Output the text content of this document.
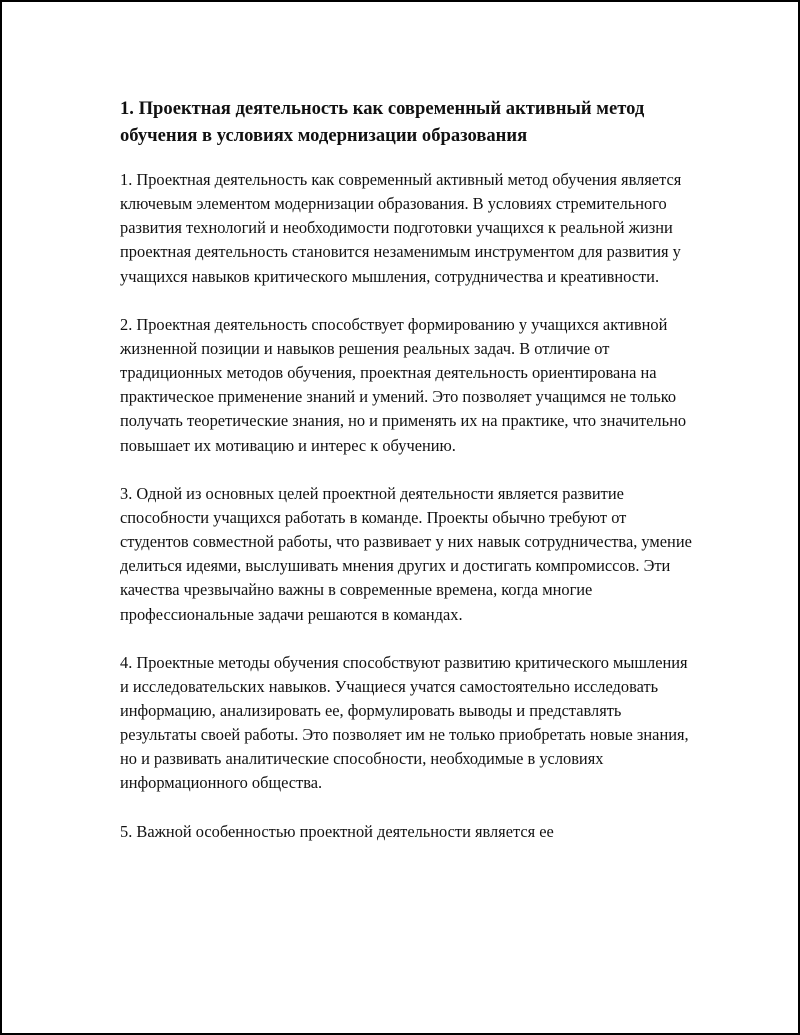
1. Проектная деятельность как современный активный метод обучения в условиях модернизации образования

1. Проектная деятельность как современный активный метод обучения является ключевым элементом модернизации образования. В условиях стремительного развития технологий и необходимости подготовки учащихся к реальной жизни проектная деятельность становится незаменимым инструментом для развития у учащихся навыков критического мышления, сотрудничества и креативности.

2. Проектная деятельность способствует формированию у учащихся активной жизненной позиции и навыков решения реальных задач. В отличие от традиционных методов обучения, проектная деятельность ориентирована на практическое применение знаний и умений. Это позволяет учащимся не только получать теоретические знания, но и применять их на практике, что значительно повышает их мотивацию и интерес к обучению.

3. Одной из основных целей проектной деятельности является развитие способности учащихся работать в команде. Проекты обычно требуют от студентов совместной работы, что развивает у них навык сотрудничества, умение делиться идеями, выслушивать мнения других и достигать компромиссов. Эти качества чрезвычайно важны в современные времена, когда многие профессиональные задачи решаются в командах.

4. Проектные методы обучения способствуют развитию критического мышления и исследовательских навыков. Учащиеся учатся самостоятельно исследовать информацию, анализировать ее, формулировать выводы и представлять результаты своей работы. Это позволяет им не только приобретать новые знания, но и развивать аналитические способности, необходимые в условиях информационного общества.

5. Важной особенностью проектной деятельности является ее
